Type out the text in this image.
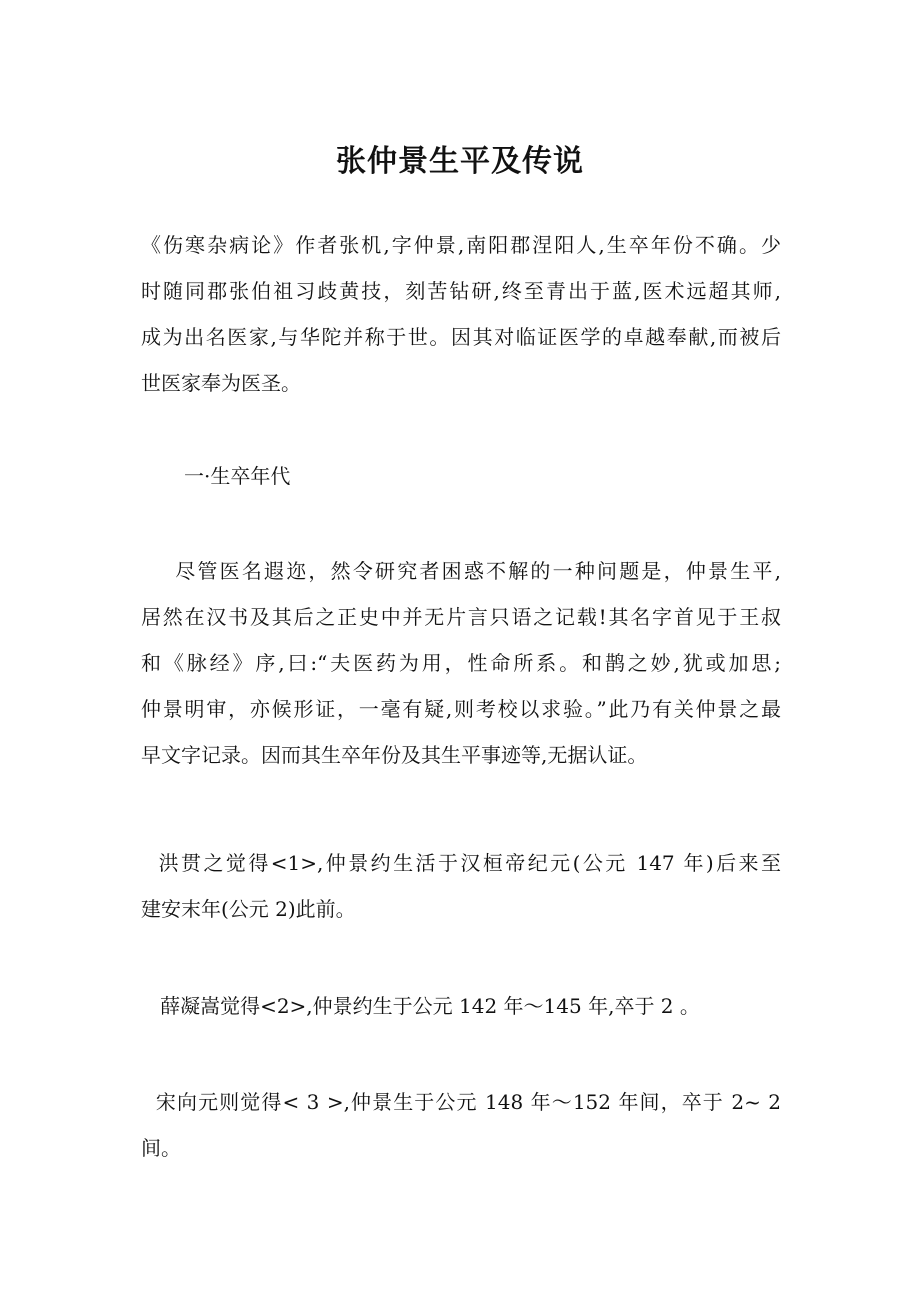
张仲景生平及传说
《伤寒杂病论》作者张机,字仲景,南阳郡涅阳人,生卒年份不确。少
时随同郡张伯祖习歧黄技，刻苦钻研,终至青出于蓝,医术远超其师,
成为出名医家,与华陀并称于世。因其对临证医学的卓越奉献,而被后
世医家奉为医圣。
一·生卒年代
尽管医名遐迩，然令研究者困惑不解的一种问题是，仲景生平,
居然在汉书及其后之正史中并无片言只语之记载!其名字首见于王叔
和《脉经》序,曰:“夫医药为用，性命所系。和鹊之妙,犹或加思;
仲景明审，亦候形证，一毫有疑,则考校以求验。”此乃有关仲景之最
早文字记录。因而其生卒年份及其生平事迹等,无据认证。
洪贯之觉得<1>,仲景约生活于汉桓帝纪元(公元 147 年)后来至
建安末年(公元 2)此前。
薛凝嵩觉得<2>,仲景约生于公元 142 年～145 年,卒于 2 。
宋向元则觉得< 3 >,仲景生于公元 148 年～152 年间，卒于 2~ 2
间。
